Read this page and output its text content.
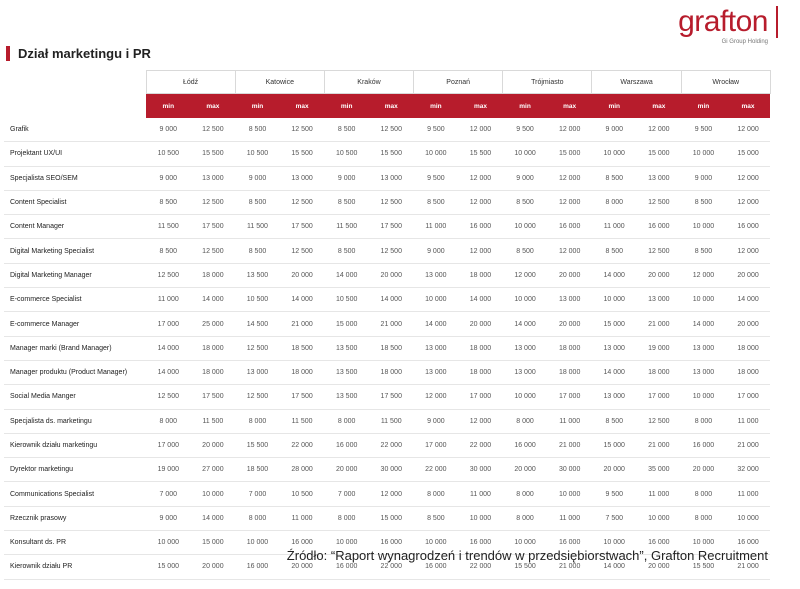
grafton
Gi Group Holding
Dział marketingu i PR
	Łódź		Katowice		Kraków		Poznań		Trójmiasto		Warszawa		Wrocław	
	min	max	min	max	min	max	min	max	min	max	min	max	min	max
Grafik	9 000	12 500	8 500	12 500	8 500	12 500	9 500	12 000	9 500	12 000	9 000	12 000	9 500	12 000
Projektant UX/UI	10 500	15 500	10 500	15 500	10 500	15 500	10 000	15 500	10 000	15 000	10 000	15 000	10 000	15 000
Specjalista SEO/SEM	9 000	13 000	9 000	13 000	9 000	13 000	9 500	12 000	9 000	12 000	8 500	13 000	9 000	12 000
Content Specialist	8 500	12 500	8 500	12 500	8 500	12 500	8 500	12 000	8 500	12 000	8 000	12 500	8 500	12 000
Content Manager	11 500	17 500	11 500	17 500	11 500	17 500	11 000	16 000	10 000	16 000	11 000	16 000	10 000	16 000
Digital Marketing Specialist	8 500	12 500	8 500	12 500	8 500	12 500	9 000	12 000	8 500	12 000	8 500	12 500	8 500	12 000
Digital Marketing Manager	12 500	18 000	13 500	20 000	14 000	20 000	13 000	18 000	12 000	20 000	14 000	20 000	12 000	20 000
E-commerce Specialist	11 000	14 000	10 500	14 000	10 500	14 000	10 000	14 000	10 000	13 000	10 000	13 000	10 000	14 000
E-commerce Manager	17 000	25 000	14 500	21 000	15 000	21 000	14 000	20 000	14 000	20 000	15 000	21 000	14 000	20 000
Manager marki (Brand Manager)	14 000	18 000	12 500	18 500	13 500	18 500	13 000	18 000	13 000	18 000	13 000	19 000	13 000	18 000
Manager produktu (Product Manager)	14 000	18 000	13 000	18 000	13 500	18 000	13 000	18 000	13 000	18 000	14 000	18 000	13 000	18 000
Social Media Manger	12 500	17 500	12 500	17 500	13 500	17 500	12 000	17 000	10 000	17 000	13 000	17 000	10 000	17 000
Specjalista ds. marketingu	8 000	11 500	8 000	11 500	8 000	11 500	9 000	12 000	8 000	11 000	8 500	12 500	8 000	11 000
Kierownik działu marketingu	17 000	20 000	15 500	22 000	16 000	22 000	17 000	22 000	16 000	21 000	15 000	21 000	16 000	21 000
Dyrektor marketingu	19 000	27 000	18 500	28 000	20 000	30 000	22 000	30 000	20 000	30 000	20 000	35 000	20 000	32 000
Communications Specialist	7 000	10 000	7 000	10 500	7 000	12 000	8 000	11 000	8 000	10 000	9 500	11 000	8 000	11 000
Rzecznik prasowy	9 000	14 000	8 000	11 000	8 000	15 000	8 500	10 000	8 000	11 000	7 500	10 000	8 000	10 000
Konsultant ds. PR	10 000	15 000	10 000	16 000	10 000	16 000	10 000	16 000	10 000	16 000	10 000	16 000	10 000	16 000
Kierownik działu PR	15 000	20 000	16 000	20 000	16 000	22 000	16 000	22 000	15 500	21 000	14 000	20 000	15 500	21 000
Źródło: “Raport wynagrodzeń i trendów w przedsiębiorstwach”, Grafton Recruitment
